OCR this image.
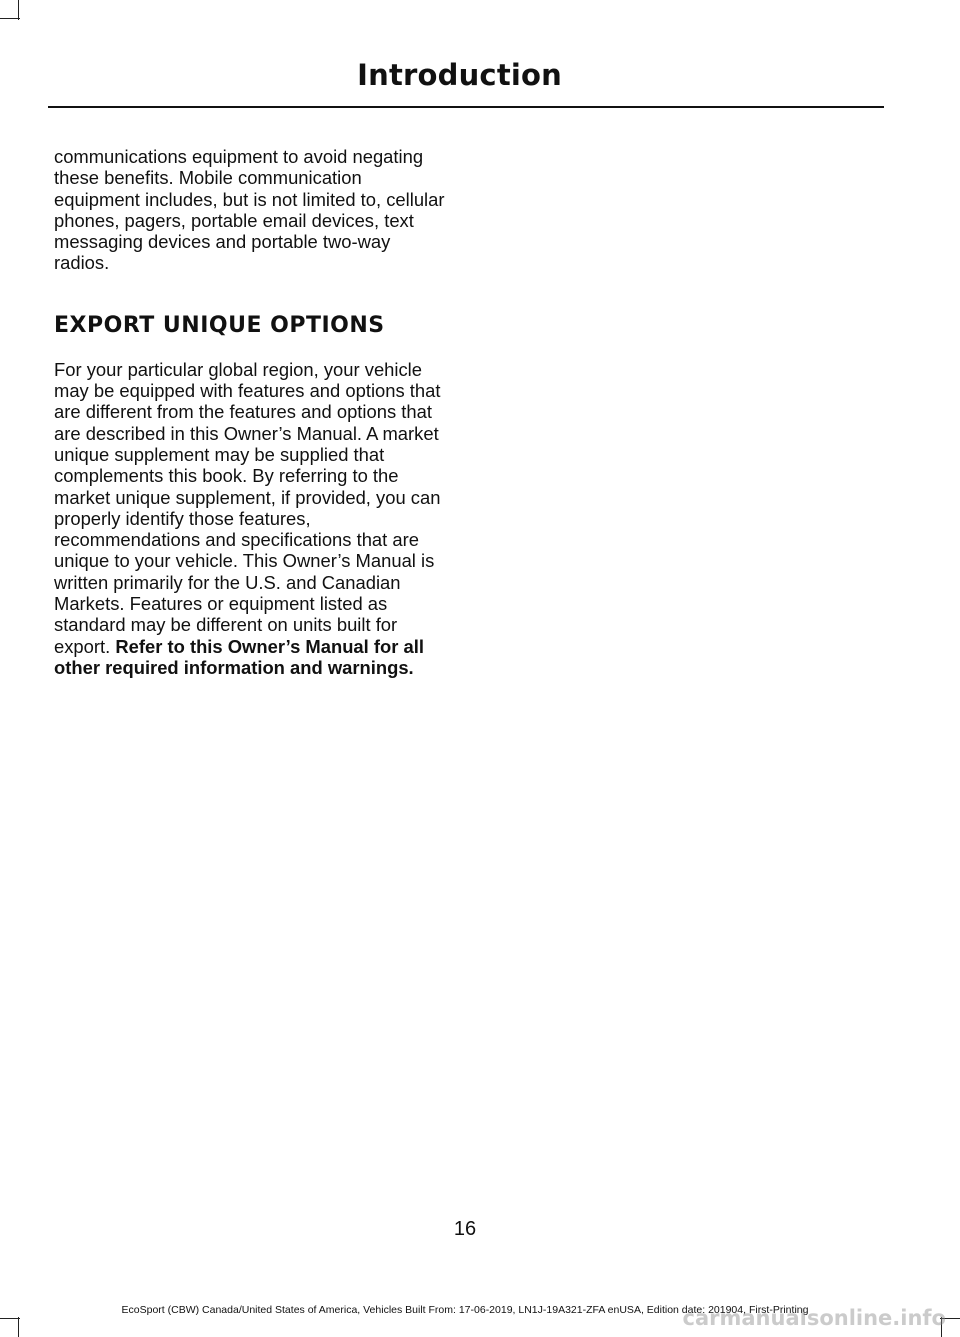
Introduction

communications equipment to avoid negating these benefits. Mobile communication equipment includes, but is not limited to, cellular phones, pagers, portable email devices, text messaging devices and portable two-way radios.

EXPORT UNIQUE OPTIONS

For your particular global region, your vehicle may be equipped with features and options that are different from the features and options that are described in this Owner’s Manual. A market unique supplement may be supplied that complements this book. By referring to the market unique supplement, if provided, you can properly identify those features, recommendations and specifications that are unique to your vehicle. This Owner’s Manual is written primarily for the U.S. and Canadian Markets. Features or equipment listed as standard may be different on units built for export. Refer to this Owner’s Manual for all other required information and warnings.

16
EcoSport (CBW) Canada/United States of America, Vehicles Built From: 17-06-2019, LN1J-19A321-ZFA enUSA, Edition date: 201904, First-Printing
carmanualsonline.info
